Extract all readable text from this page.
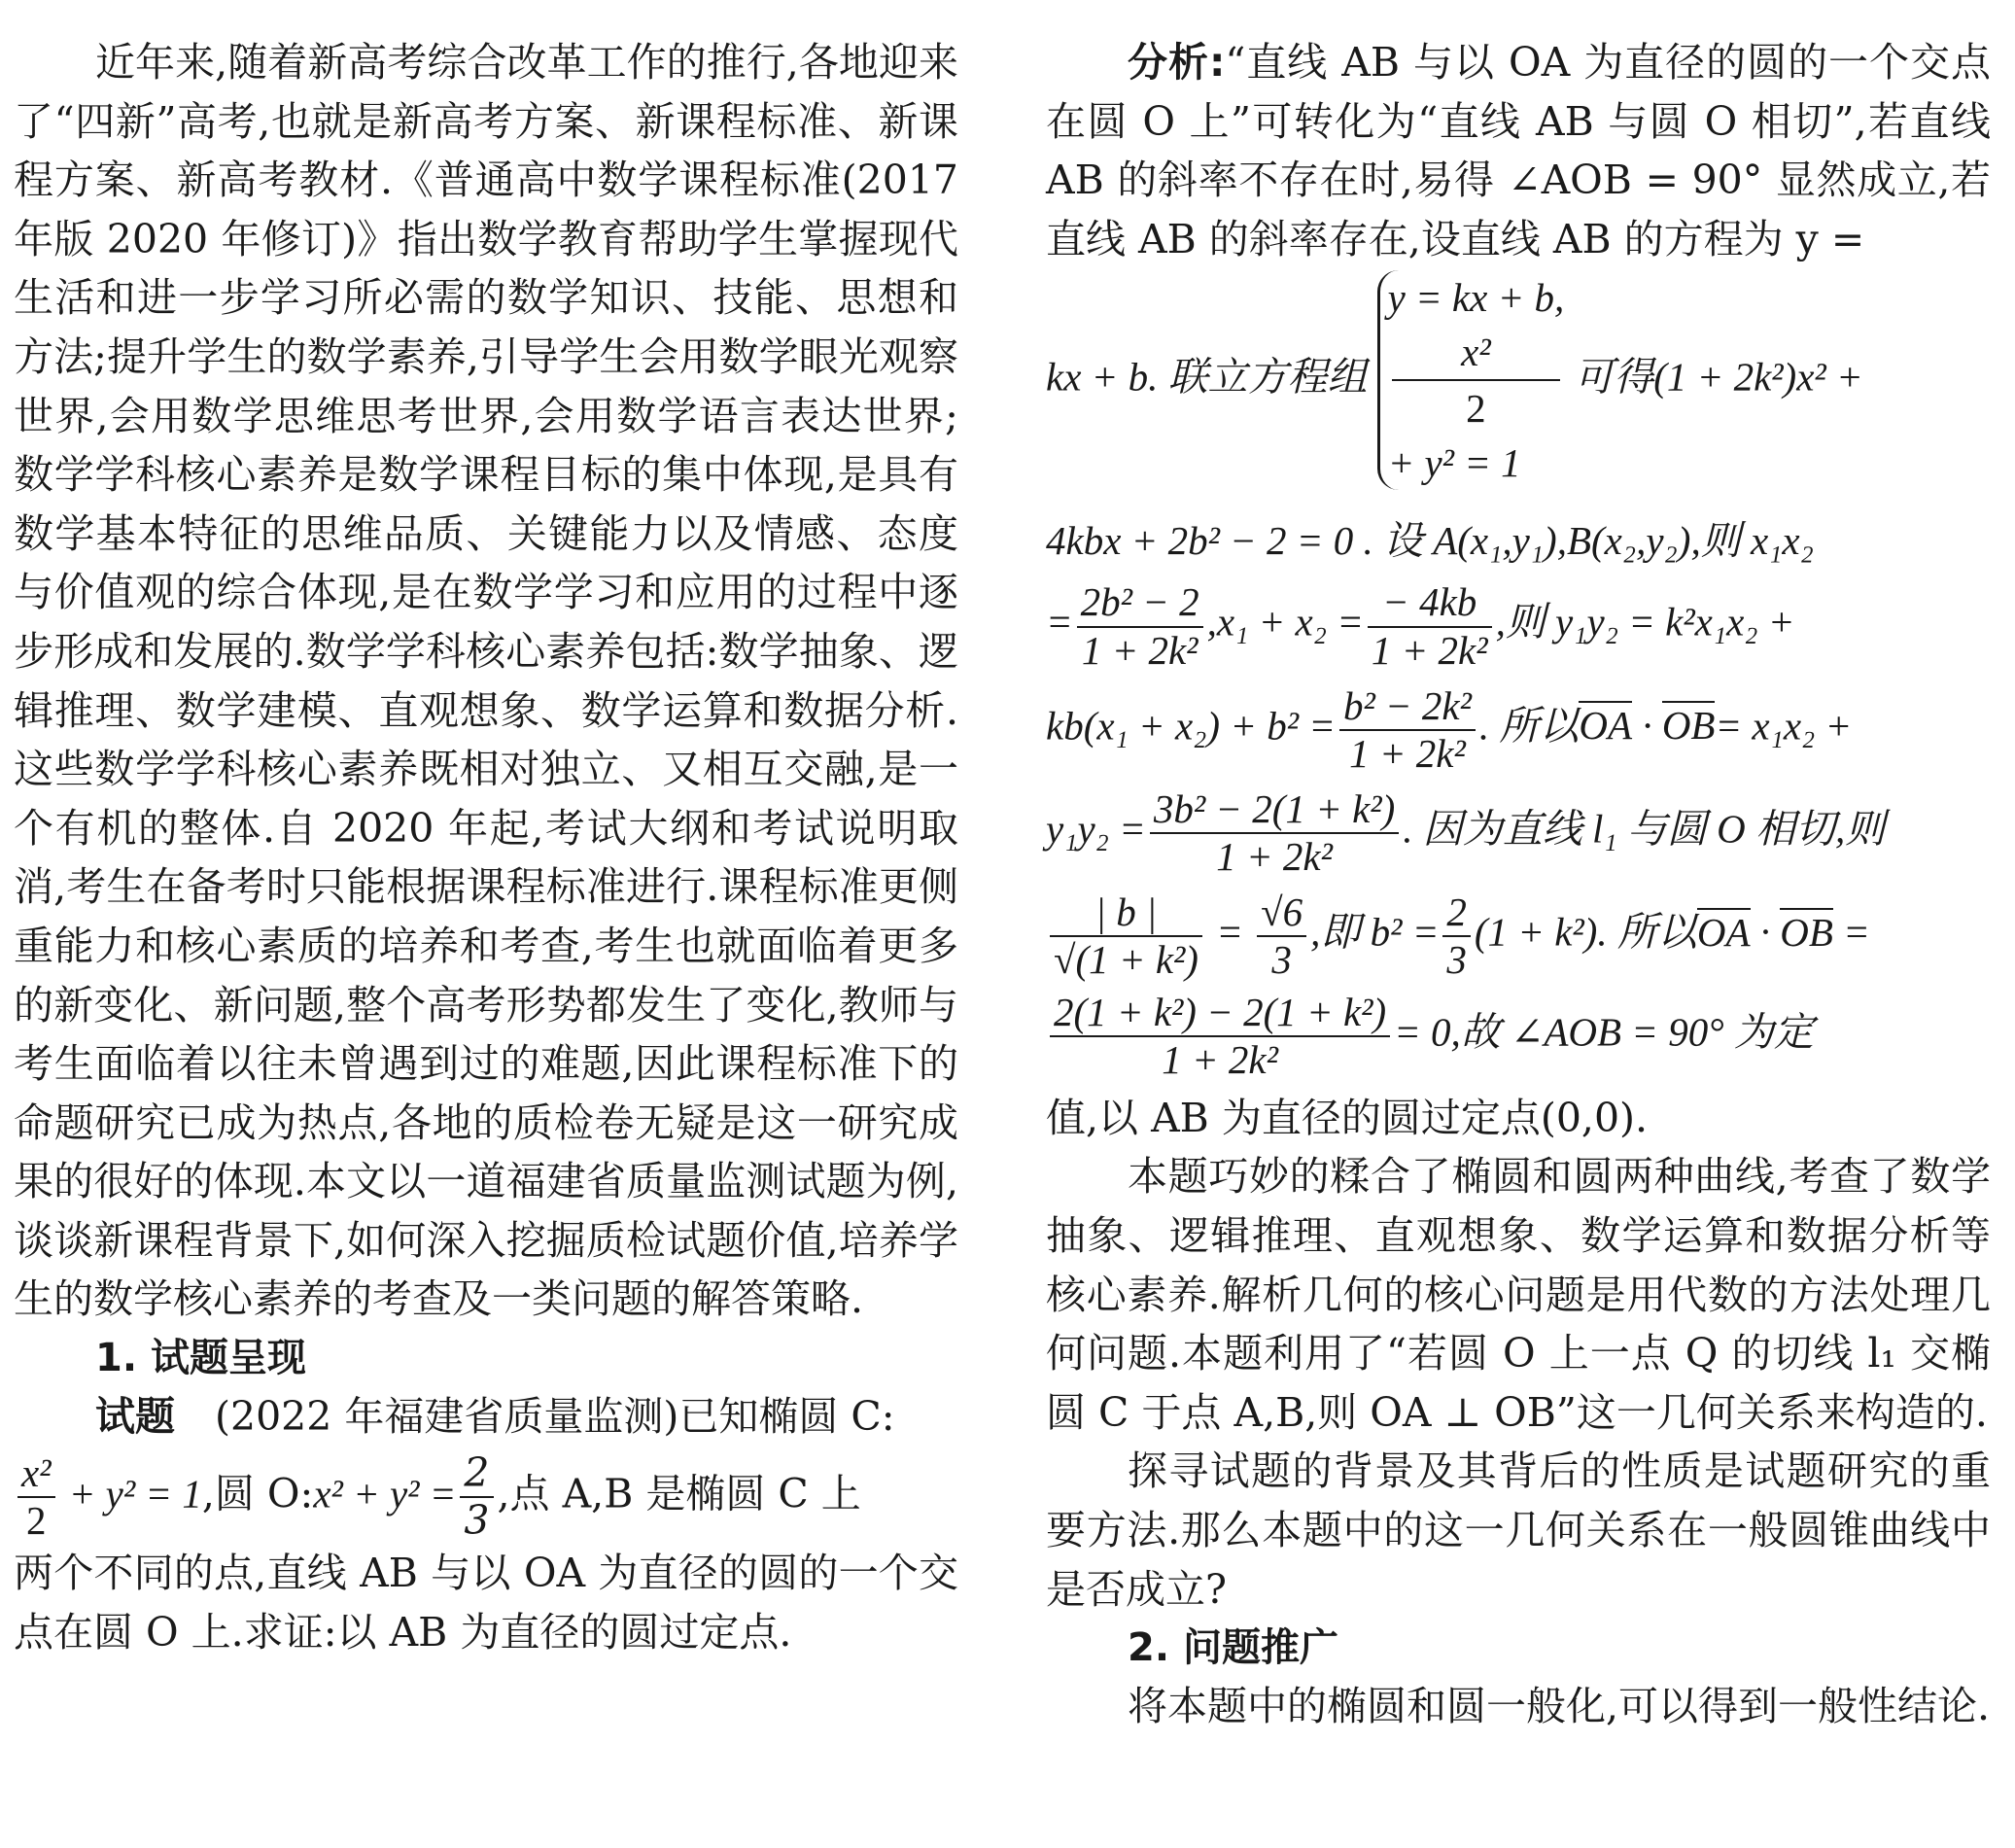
近年来,随着新高考综合改革工作的推行,各地迎来了“四新”高考,也就是新高考方案、新课程标准、新课程方案、新高考教材.《普通高中数学课程标准(2017 年版 2020 年修订)》指出数学教育帮助学生掌握现代生活和进一步学习所必需的数学知识、技能、思想和方法;提升学生的数学素养,引导学生会用数学眼光观察世界,会用数学思维思考世界,会用数学语言表达世界;数学学科核心素养是数学课程目标的集中体现,是具有数学基本特征的思维品质、关键能力以及情感、态度与价值观的综合体现,是在数学学习和应用的过程中逐步形成和发展的.数学学科核心素养包括:数学抽象、逻辑推理、数学建模、直观想象、数学运算和数据分析.这些数学学科核心素养既相对独立、又相互交融,是一个有机的整体.自 2020 年起,考试大纲和考试说明取消,考生在备考时只能根据课程标准进行.课程标准更侧重能力和核心素质的培养和考查,考生也就面临着更多的新变化、新问题,整个高考形势都发生了变化,教师与考生面临着以往未曾遇到过的难题,因此课程标准下的命题研究已成为热点,各地的质检卷无疑是这一研究成果的很好的体现.本文以一道福建省质量监测试题为例,谈谈新课程背景下,如何深入挖掘质检试题价值,培养学生的数学核心素养的考查及一类问题的解答策略.

1. 试题呈现

试题  (2022 年福建省质量监测)已知椭圆 C:

$\frac{\text{x²}}{2} + y^2 = 1$,圆 O:x² + $y^2 = \frac{2}{3}$ ,点 A,B 是椭圆 C 上

两个不同的点,直线 AB 与以 OA 为直径的圆的一个交点在圆 O 上.求证:以 AB 为直径的圆过定点.

分析:“直线 AB 与以 OA 为直径的圆的一个交点在圆 O 上”可转化为“直线 AB 与圆 O 相切”,若直线 AB 的斜率不存在时,易得 ∠AOB = 90° 显然成立,若直线 AB 的斜率存在,设直线 AB 的方程为 y =

kx + b. 联立方程组
y = kx + b,
x²
2
+ y² = 1
可得(1 + 2k²)x² +
4kbx + 2b² − 2 = 0 . 设 A(x₁,y₁),B(x₂,y₂),则 x₁x₂
= $\frac{\text{2b² − 2}}{\text{1 + 2k²}} ,x_1 + x_2 = \frac{- 4kb}{\text{1 + 2k²}}$ ,则 y₁y₂ = k²x₁x₂ +
$kb(x_1 + x_2) + b^2 = \frac{\text{b² − 2k²}}{\text{1 + 2k²}}$ . 所以OA · OB= x₁x₂ +
$y_1y_2 = \frac{\text{3b² − 2(1 + k²)}}{\text{1 + 2k²}}$ . 因为直线 l₁ 与圆 O 相切,则
$\frac{| b |}{\text{√(1 + k²)}} = \frac{√6}{3}$ ,即 $b^2 = \frac{2}{3} (1 + k^2)$. 所以OA · OB =
$\frac{\text{2(1 + k²) − 2(1 + k²)}}{\text{1 + 2k²}} = 0$,故 ∠AOB = 90° 为定

值,以 AB 为直径的圆过定点(0,0).

本题巧妙的糅合了椭圆和圆两种曲线,考查了数学抽象、逻辑推理、直观想象、数学运算和数据分析等核心素养.解析几何的核心问题是用代数的方法处理几何问题.本题利用了“若圆 O 上一点 Q 的切线 l₁ 交椭圆 C 于点 A,B,则 OA ⊥ OB”这一几何关系来构造的.

探寻试题的背景及其背后的性质是试题研究的重要方法.那么本题中的这一几何关系在一般圆锥曲线中是否成立?

2. 问题推广

将本题中的椭圆和圆一般化,可以得到一般性结论.
